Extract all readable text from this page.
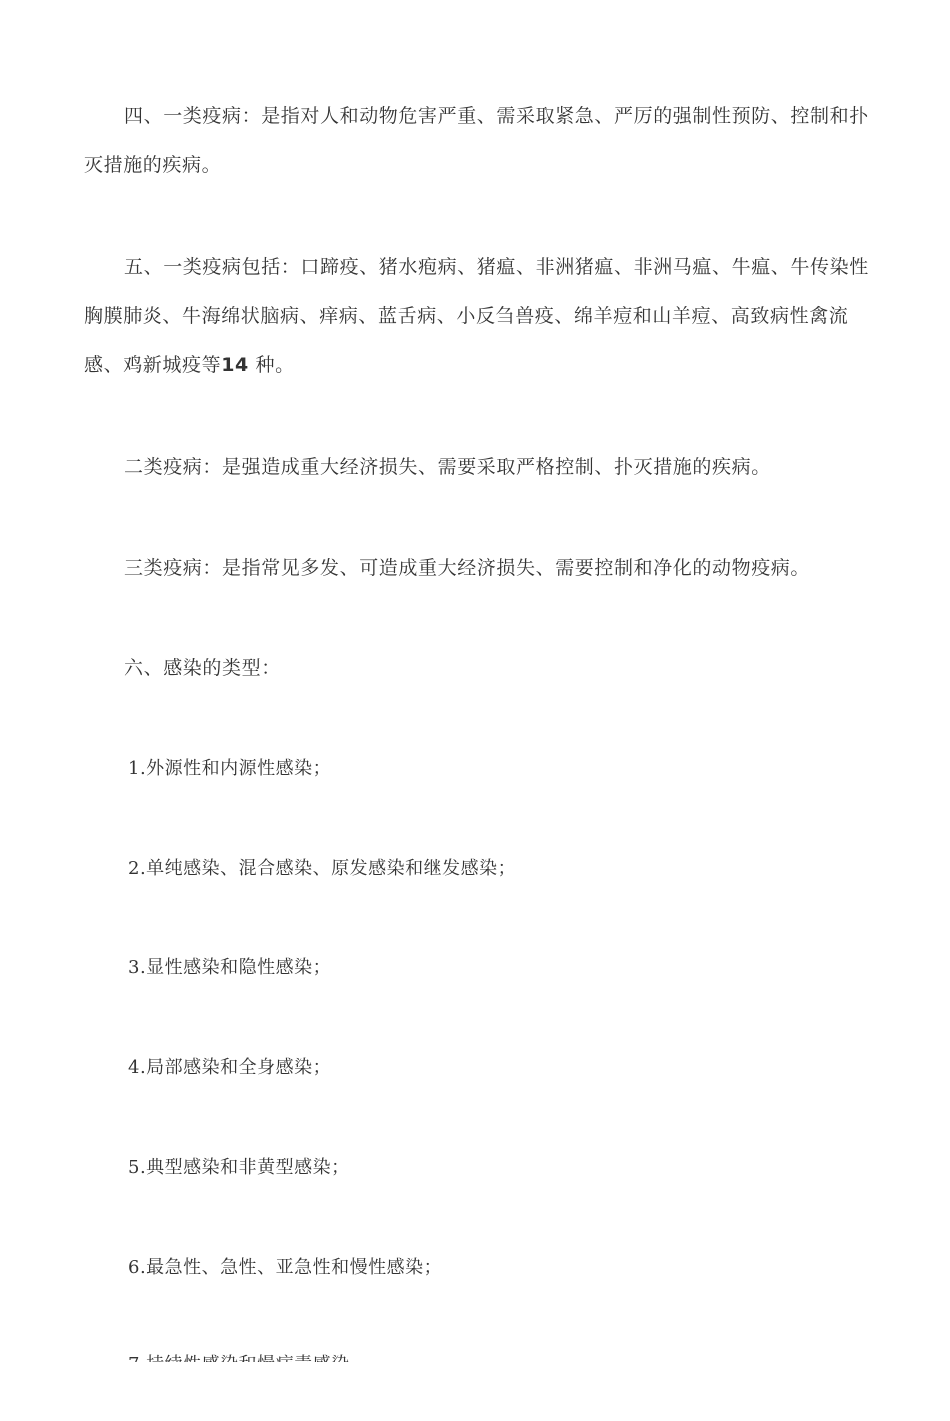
四、一类疫病：是指对人和动物危害严重、需采取紧急、严厉的强制性预防、控制和扑灭措施的疾病。

五、一类疫病包括：口蹄疫、猪水疱病、猪瘟、非洲猪瘟、非洲马瘟、牛瘟、牛传染性胸膜肺炎、牛海绵状脑病、痒病、蓝舌病、小反刍兽疫、绵羊痘和山羊痘、高致病性禽流感、鸡新城疫等14 种。

二类疫病：是强造成重大经济损失、需要采取严格控制、扑灭措施的疾病。

三类疫病：是指常见多发、可造成重大经济损失、需要控制和净化的动物疫病。

六、感染的类型：

1.外源性和内源性感染；

2.单纯感染、混合感染、原发感染和继发感染；

3.显性感染和隐性感染；

4.局部感染和全身感染；

5.典型感染和非黄型感染；

6.最急性、急性、亚急性和慢性感染；
